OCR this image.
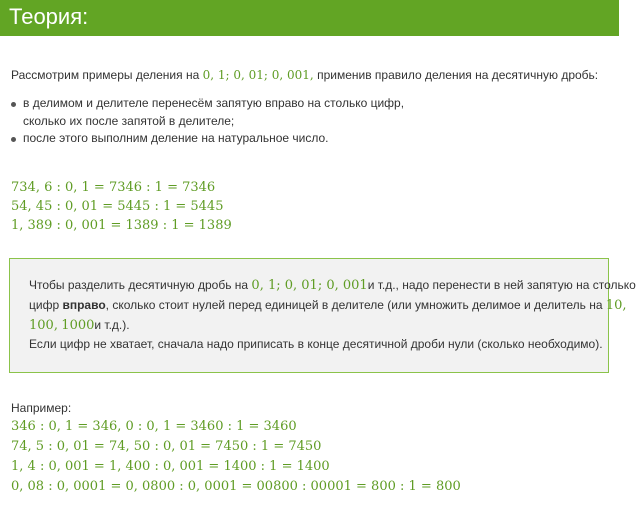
Теория:
Рассмотрим примеры деления на 0, 1; 0, 01; 0, 001, применив правило деления на десятичную дробь:
в делимом и делителе перенесём запятую вправо на столько цифр,
сколько их после запятой в делителе;
после этого выполним деление на натуральное число.
734, 6 : 0, 1 = 7346 : 1 = 7346
54, 45 : 0, 01 = 5445 : 1 = 5445
1, 389 : 0, 001 = 1389 : 1 = 1389
Чтобы разделить десятичную дробь на 0, 1; 0, 01; 0, 001и т.д., надо перенести в ней запятую на столько
цифр вправо, сколько стоит нулей перед единицей в делителе (или умножить делимое и делитель на 10,
100, 1000и т.д.).
Если цифр не хватает, сначала надо приписать в конце десятичной дроби нули (сколько необходимо).
Например:
346 : 0, 1 = 346, 0 : 0, 1 = 3460 : 1 = 3460
74, 5 : 0, 01 = 74, 50 : 0, 01 = 7450 : 1 = 7450
1, 4 : 0, 001 = 1, 400 : 0, 001 = 1400 : 1 = 1400
0, 08 : 0, 0001 = 0, 0800 : 0, 0001 = 00800 : 00001 = 800 : 1 = 800
